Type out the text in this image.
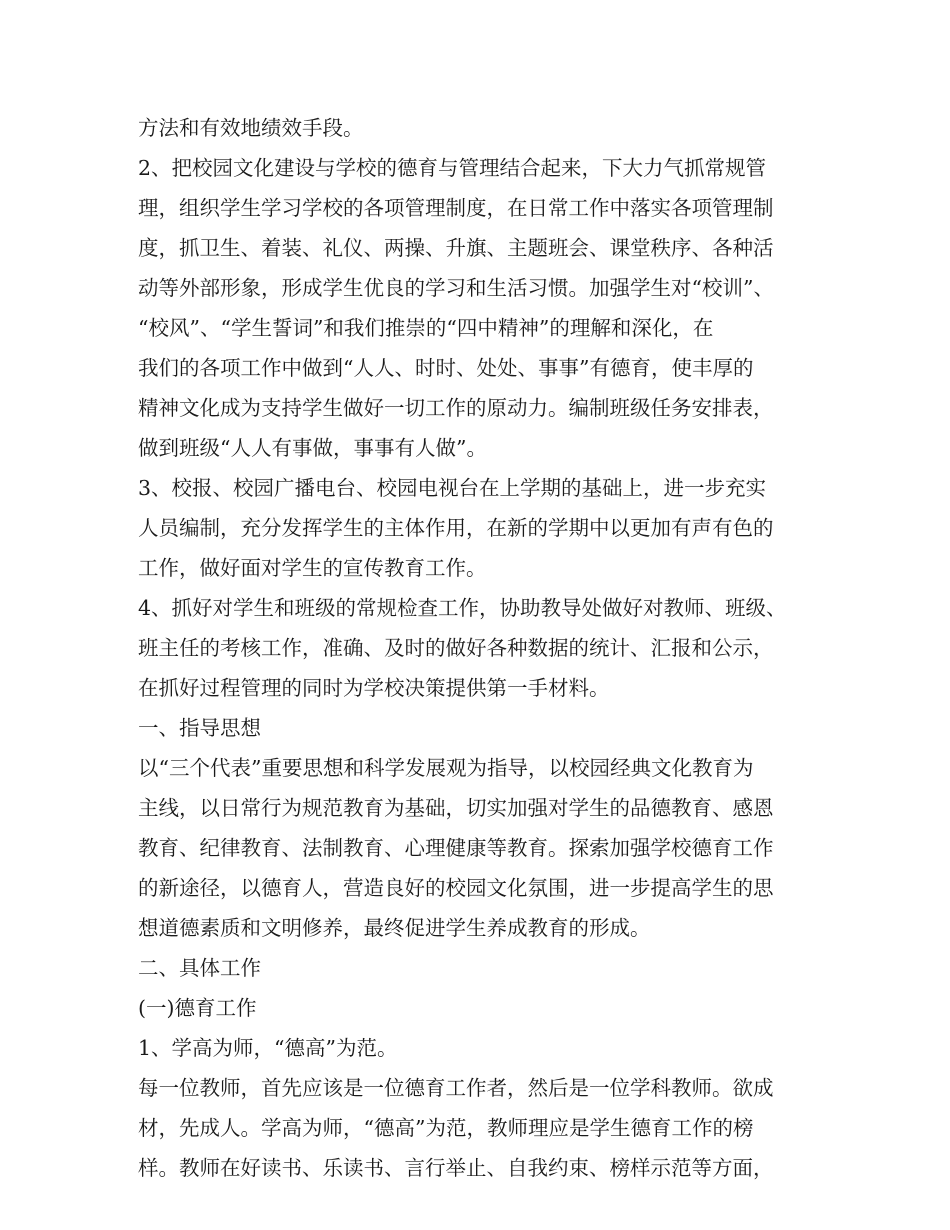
方法和有效地绩效手段。
2、把校园文化建设与学校的德育与管理结合起来，下大力气抓常规管
理，组织学生学习学校的各项管理制度，在日常工作中落实各项管理制
度，抓卫生、着装、礼仪、两操、升旗、主题班会、课堂秩序、各种活
动等外部形象，形成学生优良的学习和生活习惯。加强学生对“校训”、
“校风”、“学生誓词”和我们推崇的“四中精神”的理解和深化，在
我们的各项工作中做到“人人、时时、处处、事事”有德育，使丰厚的
精神文化成为支持学生做好一切工作的原动力。编制班级任务安排表，
做到班级“人人有事做，事事有人做”。
3、校报、校园广播电台、校园电视台在上学期的基础上，进一步充实
人员编制，充分发挥学生的主体作用，在新的学期中以更加有声有色的
工作，做好面对学生的宣传教育工作。
4、抓好对学生和班级的常规检查工作，协助教导处做好对教师、班级、
班主任的考核工作，准确、及时的做好各种数据的统计、汇报和公示，
在抓好过程管理的同时为学校决策提供第一手材料。
一、指导思想
以“三个代表”重要思想和科学发展观为指导，以校园经典文化教育为
主线，以日常行为规范教育为基础，切实加强对学生的品德教育、感恩
教育、纪律教育、法制教育、心理健康等教育。探索加强学校德育工作
的新途径，以德育人，营造良好的校园文化氛围，进一步提高学生的思
想道德素质和文明修养，最终促进学生养成教育的形成。
二、具体工作
(一)德育工作
1、学高为师，“德高”为范。
每一位教师，首先应该是一位德育工作者，然后是一位学科教师。欲成
材，先成人。学高为师，“德高”为范，教师理应是学生德育工作的榜
样。教师在好读书、乐读书、言行举止、自我约束、榜样示范等方面，
